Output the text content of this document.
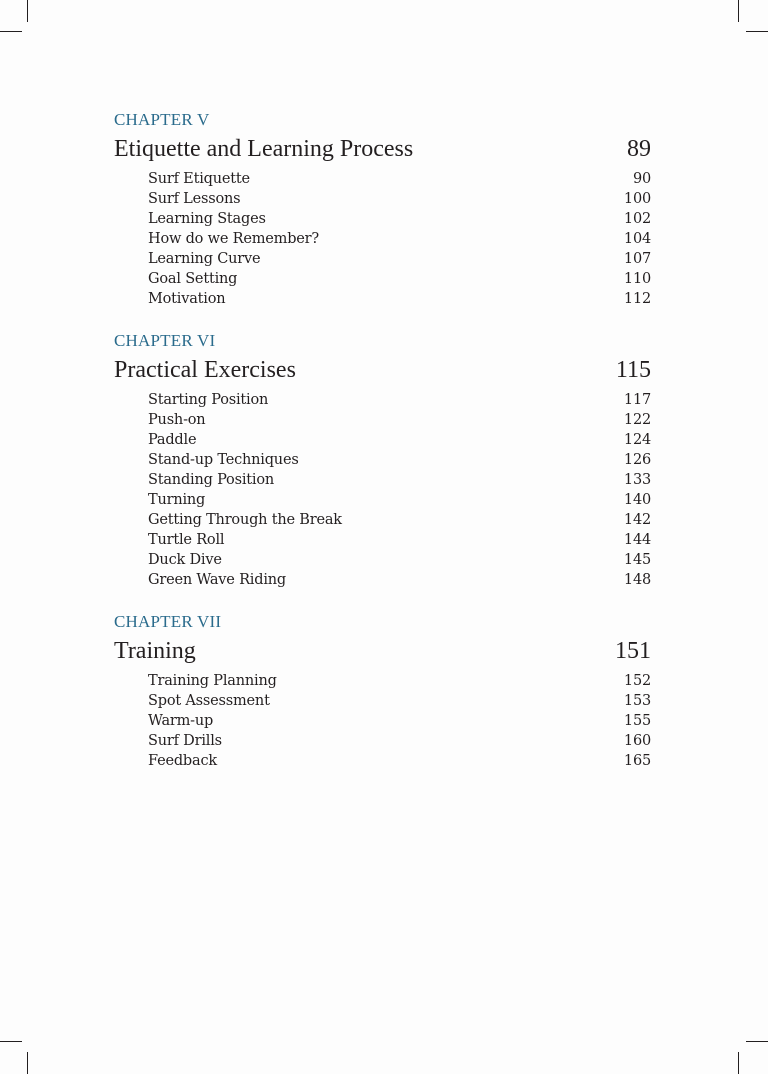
CHAPTER V
Etiquette and Learning Process	89
Surf Etiquette	90
Surf Lessons	100
Learning Stages	102
How do we Remember?	104
Learning Curve	107
Goal Setting	110
Motivation	112
CHAPTER VI
Practical Exercises	115
Starting Position	117
Push-on	122
Paddle	124
Stand-up Techniques	126
Standing Position	133
Turning	140
Getting Through the Break	142
Turtle Roll	144
Duck Dive	145
Green Wave Riding	148
CHAPTER VII
Training	151
Training Planning	152
Spot Assessment	153
Warm-up	155
Surf Drills	160
Feedback	165
